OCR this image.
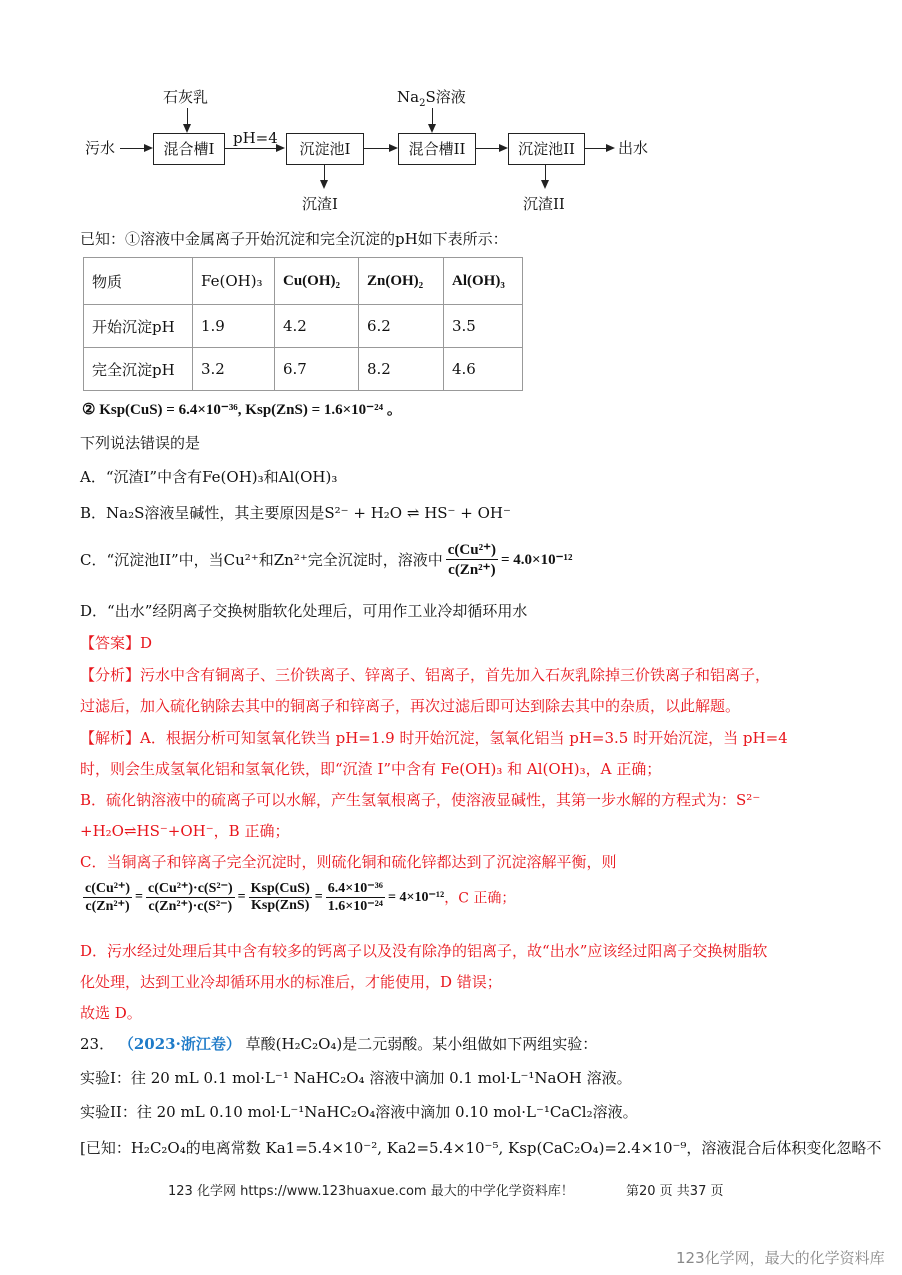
石灰乳	$Na_2S$溶液
污水	混合槽I
pH=4
沉淀池I
沉渣I
混合槽II	沉淀池II
沉渣II
出水
已知：①溶液中金属离子开始沉淀和完全沉淀的pH如下表所示：
物质	Fe(OH)₃	Cu(OH)₂	Zn(OH)₂	Al(OH)₃
开始沉淀pH	1.9	4.2	6.2	3.5
完全沉淀pH	3.2	6.7	8.2	4.6
② Ksp(CuS) = 6.4×10⁻³⁶, Ksp(ZnS) = 1.6×10⁻²⁴ 。
下列说法错误的是
A．“沉渣I”中含有Fe(OH)₃和Al(OH)₃
B．Na₂S溶液呈碱性，其主要原因是S²⁻ + H₂O ⇌ HS⁻ + OH⁻
C．“沉淀池II”中，当Cu²⁺和Zn²⁺完全沉淀时，溶液中 $\frac{\text{c(Cu²⁺)}}{\text{c(Zn²⁺)}} = 4.0\times 10^{-12}$
D．“出水”经阴离子交换树脂软化处理后，可用作工业冷却循环用水
【答案】D
【分析】污水中含有铜离子、三价铁离子、锌离子、铝离子，首先加入石灰乳除掉三价铁离子和铝离子，
过滤后，加入硫化钠除去其中的铜离子和锌离子，再次过滤后即可达到除去其中的杂质，以此解题。
【解析】A．根据分析可知氢氧化铁当 pH=1.9 时开始沉淀，氢氧化铝当 pH=3.5 时开始沉淀，当 pH=4
时，则会生成氢氧化铝和氢氧化铁，即“沉渣 I”中含有 Fe(OH)₃ 和 Al(OH)₃，A 正确；
B．硫化钠溶液中的硫离子可以水解，产生氢氧根离子，使溶液显碱性，其第一步水解的方程式为：S²⁻
+H₂O⇌HS⁻+OH⁻，B 正确；
C．当铜离子和锌离子完全沉淀时，则硫化铜和硫化锌都达到了沉淀溶解平衡，则
$\frac{\text{c(Cu²⁺)}}{\text{c(Zn²⁺)}} = \frac{\text{c(Cu²⁺)·c(S²⁻)}}{\text{c(Zn²⁺)·c(S²⁻)}} = \frac{\text{Ksp(CuS)}}{\text{Ksp(ZnS)}} = \frac{\text{6.4×10⁻³⁶}}{\text{1.6×10⁻²⁴}} = 4\times 10^{-12}$，C 正确；
D．污水经过处理后其中含有较多的钙离子以及没有除净的铝离子，故“出水”应该经过阳离子交换树脂软
化处理，达到工业冷却循环用水的标准后，才能使用，D 错误；
故选 D。
23． （2023·浙江卷） 草酸(H₂C₂O₄)是二元弱酸。某小组做如下两组实验：
实验I：往 20 mL 0.1 mol·L⁻¹ NaHC₂O₄ 溶液中滴加 0.1 mol·L⁻¹NaOH 溶液。
实验II：往 20 mL 0.10 mol·L⁻¹NaHC₂O₄溶液中滴加 0.10 mol·L⁻¹CaCl₂溶液。
[已知：H₂C₂O₄的电离常数 Ka1=5.4×10⁻², Ka2=5.4×10⁻⁵, Ksp(CaC₂O₄)=2.4×10⁻⁹，溶液混合后体积变化忽略不
123 化学网 https://www.123huaxue.com 最大的中学化学资料库！	第20 页 共37 页
123化学网，最大的化学资料库
